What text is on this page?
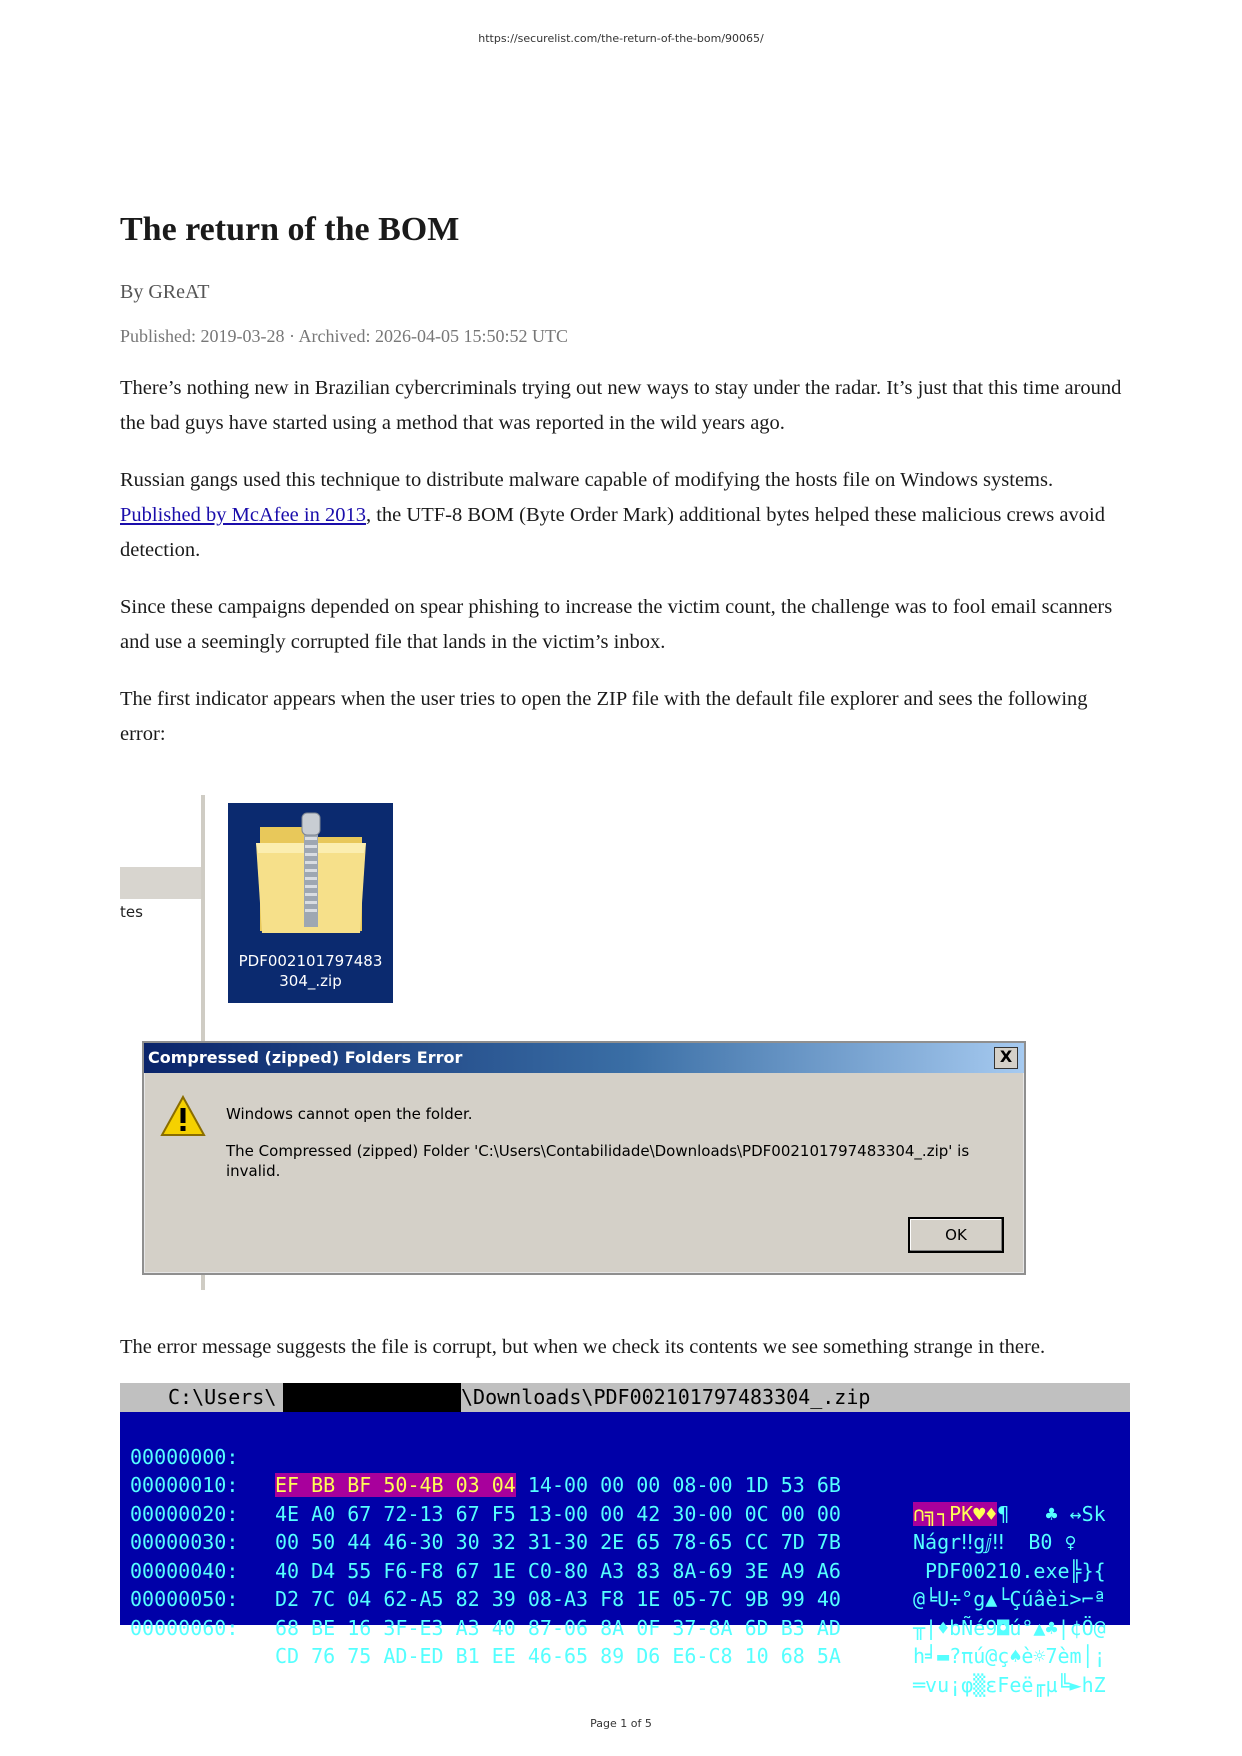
https://securelist.com/the-return-of-the-bom/90065/
The return of the BOM
By GReAT
Published: 2019-03-28 · Archived: 2026-04-05 15:50:52 UTC

There’s nothing new in Brazilian cybercriminals trying out new ways to stay under the radar. It’s just that this time around the bad guys have started using a method that was reported in the wild years ago.

Russian gangs used this technique to distribute malware capable of modifying the hosts file on Windows systems. Published by McAfee in 2013, the UTF-8 BOM (Byte Order Mark) additional bytes helped these malicious crews avoid detection.

Since these campaigns depended on spear phishing to increase the victim count, the challenge was to fool email scanners and use a seemingly corrupted file that lands in the victim’s inbox.

The first indicator appears when the user tries to open the ZIP file with the default file explorer and sees the following error:

tes
PDF002101797483
304_.zip
Compressed (zipped) Folders Error	X
Windows cannot open the folder.
The Compressed (zipped) Folder 'C:\Users\Contabilidade\Downloads\PDF002101797483304_.zip' is invalid.
OK
The error message suggests the file is corrupt, but when we check its contents we see something strange in there.

C:\Users\

	\Downloads\PDF002101797483304_.zip

00000000:

EF BB BF 50-4B 03 04 14-00 00 00 08-00 1D 53 6B

∩╗┐PK♥♦¶   ♣ ↔Sk

00000010:

4E A0 67 72-13 67 F5 13-00 00 42 30-00 0C 00 00

Nágr‼gⅉ‼  B0 ♀

00000020:

00 50 44 46-30 30 32 31-30 2E 65 78-65 CC 7D 7B

PDF00210.exe╠}{

00000030:

40 D4 55 F6-F8 67 1E C0-80 A3 83 8A-69 3E A9 A6

@╘U÷°g▲└Çúâèi>⌐ª

00000040:

D2 7C 04 62-A5 82 39 08-A3 F8 1E 05-7C 9B 99 40

╥|♦bÑé9◘ú°▲♣|¢Ö@

00000050:

68 BE 16 3F-E3 A3 40 87-06 8A 0F 37-8A 6D B3 AD

h╛▬?πú@ç♠è☼7èm│¡

00000060:

CD 76 75 AD-ED B1 EE 46-65 89 D6 E6-C8 10 68 5A

═vu¡φ▒εFeë╓µ╚►hZ

Page 1 of 5
